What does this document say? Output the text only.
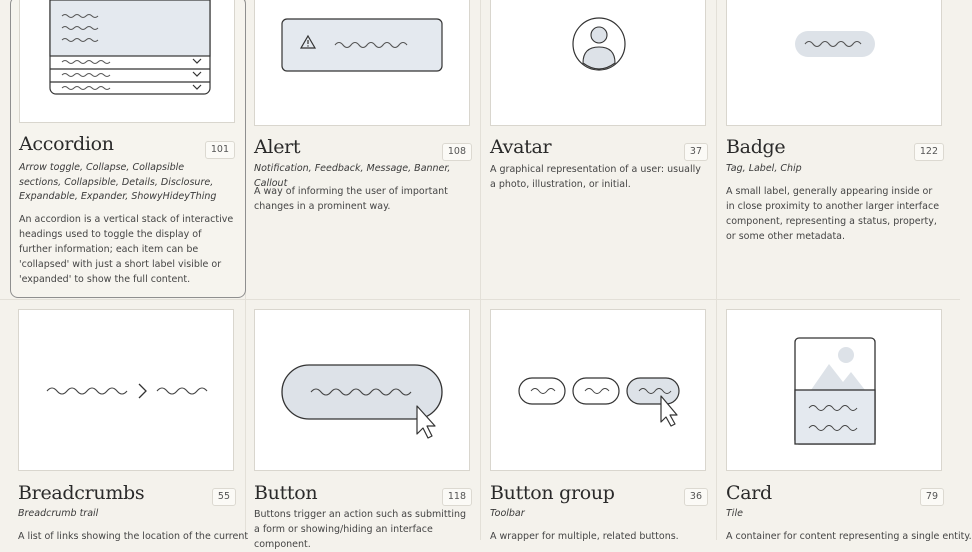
Accordion	101
Arrow toggle, Collapse, Collapsible sections, Collapsible, Details, Disclosure, Expandable, Expander, ShowyHideyThing
An accordion is a vertical stack of interactive headings used to toggle the display of further information; each item can be 'collapsed' with just a short label visible or 'expanded' to show the full content.
Alert	108
Notification, Feedback, Message, Banner, Callout
A way of informing the user of important changes in a prominent way.
Avatar	37
A graphical representation of a user: usually a photo, illustration, or initial.
Badge	122
Tag, Label, Chip
A small label, generally appearing inside or in close proximity to another larger interface component, representing a status, property, or some other metadata.
Breadcrumbs	55
Breadcrumb trail
A list of links showing the location of the current
Button	118
Buttons trigger an action such as submitting a form or showing/hiding an interface component.
Button group	36
Toolbar
A wrapper for multiple, related buttons.
Card	79
Tile
A container for content representing a single entity.
